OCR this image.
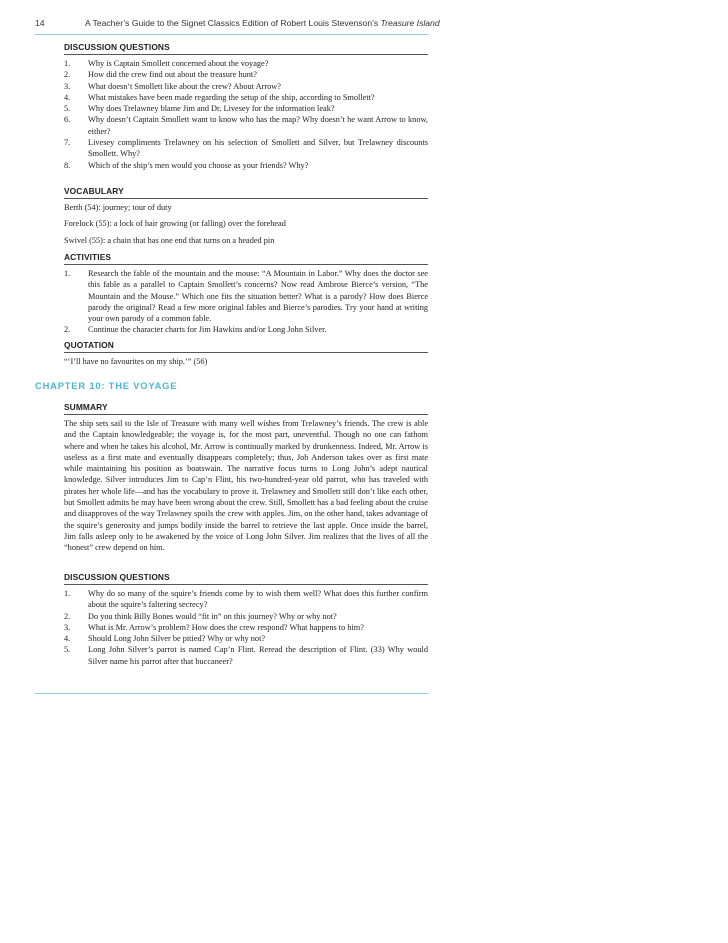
14	A Teacher’s Guide to the Signet Classics Edition of Robert Louis Stevenson’s Treasure Island
DISCUSSION QUESTIONS
1. Why is Captain Smollett concerned about the voyage?
2. How did the crew find out about the treasure hunt?
3. What doesn’t Smollett like about the crew? About Arrow?
4. What mistakes have been made regarding the setup of the ship, according to Smollett?
5. Why does Trelawney blame Jim and Dr. Livesey for the information leak?
6. Why doesn’t Captain Smollett want to know who has the map? Why doesn’t he want Arrow to know, either?
7. Livesey compliments Trelawney on his selection of Smollett and Silver, but Trelawney discounts Smollett. Why?
8. Which of the ship’s men would you choose as your friends? Why?
VOCABULARY
Berth (54): journey; tour of duty
Forelock (55): a lock of hair growing (or falling) over the forehead
Swivel (55): a chain that has one end that turns on a headed pin
ACTIVITIES
1. Research the fable of the mountain and the mouse: “A Mountain in Labor.” Why does the doctor see this fable as a parallel to Captain Smollett’s concerns? Now read Ambrose Bierce’s version, “The Mountain and the Mouse.” Which one fits the situation better? What is a parody? How does Bierce parody the original? Read a few more original fables and Bierce’s parodies. Try your hand at writing your own parody of a common fable.
2. Continue the character charts for Jim Hawkins and/or Long John Silver.
QUOTATION
“‘I’ll have no favourites on my ship.’” (56)
CHAPTER 10: THE VOYAGE
SUMMARY
The ship sets sail to the Isle of Treasure with many well wishes from Trelawney’s friends. The crew is able and the Captain knowledgeable; the voyage is, for the most part, uneventful. Though no one can fathom where and when he takes his alcohol, Mr. Arrow is continually marked by drunkenness. Indeed, Mr. Arrow is useless as a first mate and eventually disappears completely; thus, Job Anderson takes over as first mate while maintaining his position as boatswain. The narrative focus turns to Long John’s adept nautical knowledge. Silver introduces Jim to Cap’n Flint, his two-hundred-year old parrot, who has traveled with pirates her whole life—and has the vocabulary to prove it. Trelawney and Smollett still don’t like each other, but Smollett admits he may have been wrong about the crew. Still, Smollett has a bad feeling about the cruise and disapproves of the way Trelawney spoils the crew with apples. Jim, on the other hand, takes advantage of the squire’s generosity and jumps bodily inside the barrel to retrieve the last apple. Once inside the barrel, Jim falls asleep only to be awakened by the voice of Long John Silver. Jim realizes that the lives of all the “honest” crew depend on him.
DISCUSSION QUESTIONS
1. Why do so many of the squire’s friends come by to wish them well? What does this further confirm about the squire’s faltering secrecy?
2. Do you think Billy Bones would “fit in” on this journey? Why or why not?
3. What is Mr. Arrow’s problem? How does the crew respond? What happens to him?
4. Should Long John Silver be pitied? Why or why not?
5. Long John Silver’s parrot is named Cap’n Flint. Reread the description of Flint. (33) Why would Silver name his parrot after that buccaneer?
